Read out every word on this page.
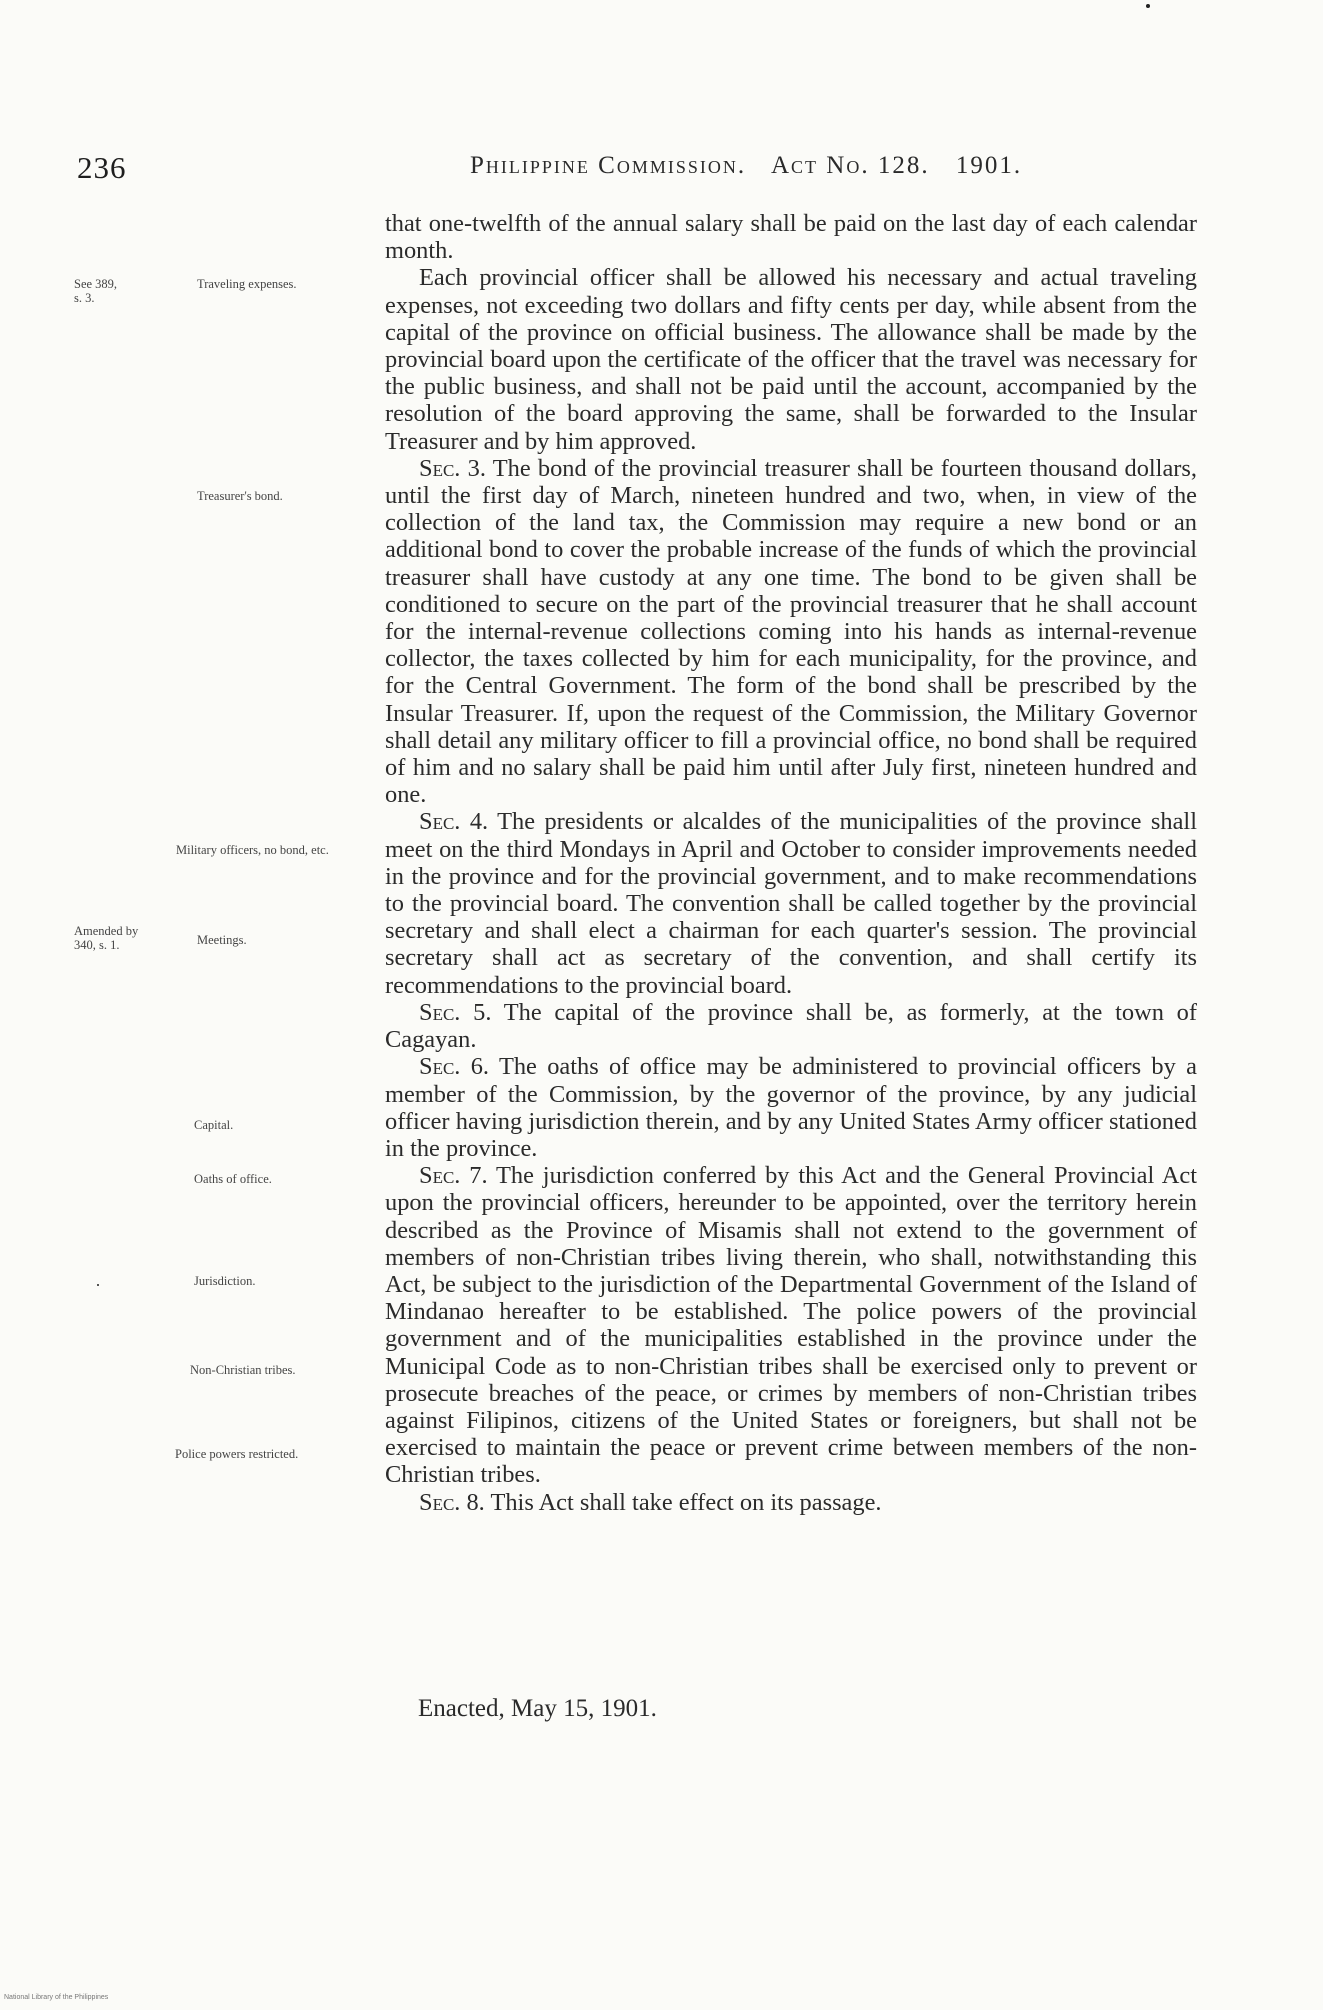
236	Philippine Commission. Act No. 128. 1901.
See 389, s. 3.
Traveling expenses.
Treasurer's bond.
Military officers, no bond, etc.
Amended by 340, s. 1.	Meetings.
Capital.
Oaths of office.
Jurisdiction.
Non-Christian tribes.
Police powers restricted.

that one-twelfth of the annual salary shall be paid on the last day of each calendar month.

Each provincial officer shall be allowed his necessary and actual traveling expenses, not exceeding two dollars and fifty cents per day, while absent from the capital of the province on official business. The allowance shall be made by the provincial board upon the certificate of the officer that the travel was necessary for the public business, and shall not be paid until the account, accompanied by the resolution of the board approving the same, shall be forwarded to the Insular Treasurer and by him approved.

Sec. 3. The bond of the provincial treasurer shall be fourteen thousand dollars, until the first day of March, nineteen hundred and two, when, in view of the collection of the land tax, the Commission may require a new bond or an additional bond to cover the probable increase of the funds of which the provincial treasurer shall have custody at any one time. The bond to be given shall be conditioned to secure on the part of the provincial treasurer that he shall account for the internal-revenue collections coming into his hands as internal-revenue collector, the taxes collected by him for each municipality, for the province, and for the Central Government. The form of the bond shall be prescribed by the Insular Treasurer. If, upon the request of the Commission, the Military Governor shall detail any military officer to fill a provincial office, no bond shall be required of him and no salary shall be paid him until after July first, nineteen hundred and one.

Sec. 4. The presidents or alcaldes of the municipalities of the province shall meet on the third Mondays in April and October to consider improvements needed in the province and for the provincial government, and to make recommendations to the provincial board. The convention shall be called together by the provincial secretary and shall elect a chairman for each quarter's session. The provincial secretary shall act as secretary of the convention, and shall certify its recommendations to the provincial board.

Sec. 5. The capital of the province shall be, as formerly, at the town of Cagayan.

Sec. 6. The oaths of office may be administered to provincial officers by a member of the Commission, by the governor of the province, by any judicial officer having jurisdiction therein, and by any United States Army officer stationed in the province.

Sec. 7. The jurisdiction conferred by this Act and the General Provincial Act upon the provincial officers, hereunder to be appointed, over the territory herein described as the Province of Misamis shall not extend to the government of members of non-Christian tribes living therein, who shall, notwithstanding this Act, be subject to the jurisdiction of the Departmental Government of the Island of Mindanao hereafter to be established. The police powers of the provincial government and of the municipalities established in the province under the Municipal Code as to non-Christian tribes shall be exercised only to prevent or prosecute breaches of the peace, or crimes by members of non-Christian tribes against Filipinos, citizens of the United States or foreigners, but shall not be exercised to maintain the peace or prevent crime between members of the non-Christian tribes.

Sec. 8. This Act shall take effect on its passage.

Enacted, May 15, 1901.
National Library of the Philippines
